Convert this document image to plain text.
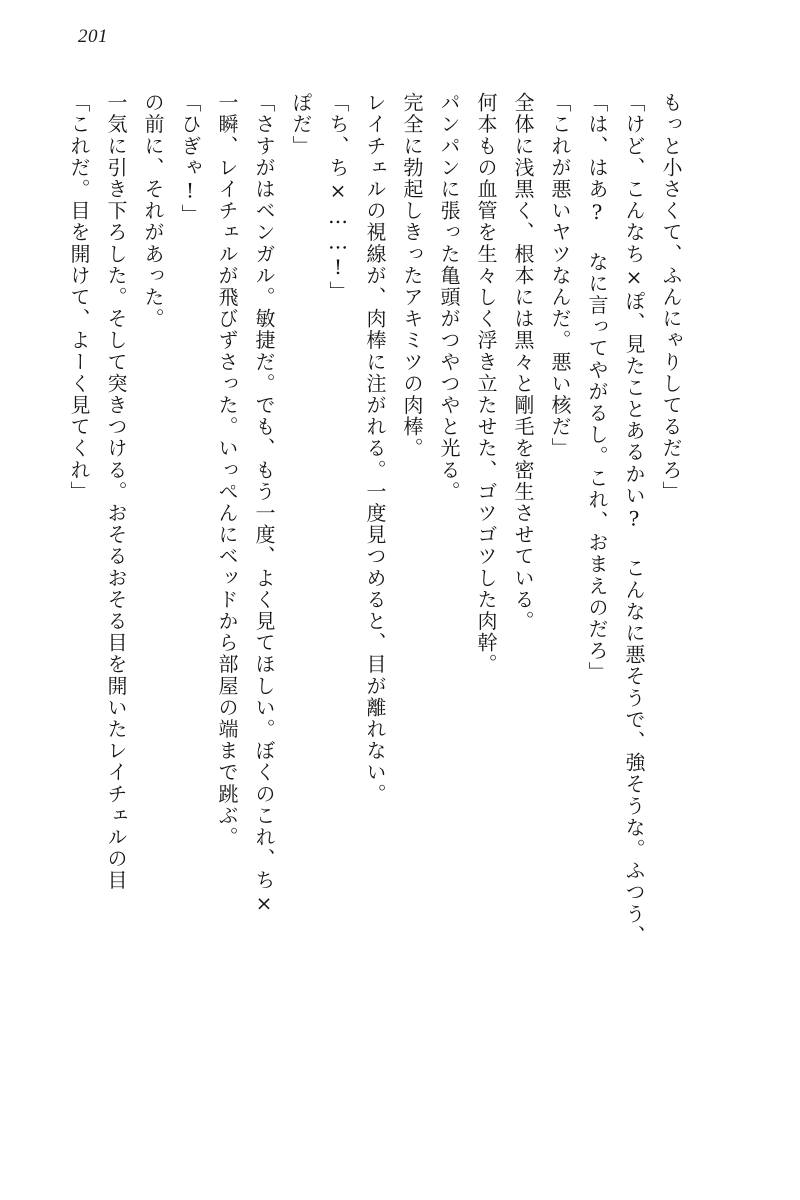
201
「これだ。目を開けて、よーく見てくれ」 一気に引き下ろした。そして突きつける。おそるおそる目を開いたレイチェルの目 の前に、それがあった。 「ひぎゃ!」 一瞬、レイチェルが飛びずさった。いっぺんにベッドから部屋の端まで跳ぶ。 「さすがはベンガル。敏捷だ。でも、もう一度、よく見てほしい。ぼくのこれ、ち× ぽだ」 「ち、ち×……!」 レイチェルの視線が、肉棒に注がれる。一度見つめると、目が離れない。 完全に勃起しきったアキミツの肉棒。 パンパンに張った亀頭がつやつやと光る。 何本もの血管を生々しく浮き立たせた、ゴツゴツした肉幹。 全体に浅黒く、根本には黒々と剛毛を密生させている。 「これが悪いヤツなんだ。悪い核だ」 「は、はあ? なに言ってやがるし。これ、おまえのだろ」 「けど、こんなち×ぽ、見たことあるかい? こんなに悪そうで、強そうな。ふつう、 もっと小さくて、ふんにゃりしてるだろ」
